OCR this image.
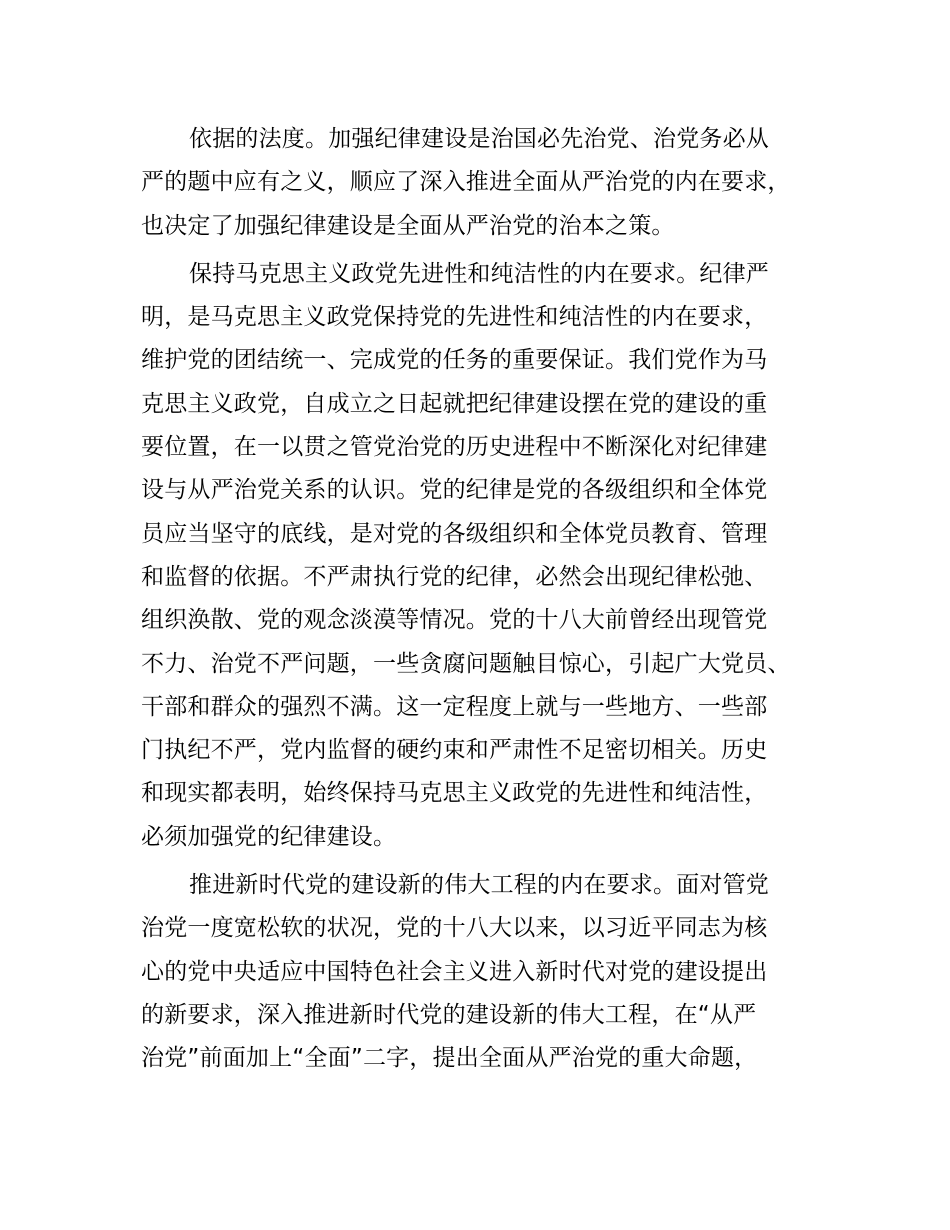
依据的法度。加强纪律建设是治国必先治党、治党务必从
严的题中应有之义，顺应了深入推进全面从严治党的内在要求，
也决定了加强纪律建设是全面从严治党的治本之策。

保持马克思主义政党先进性和纯洁性的内在要求。纪律严
明，是马克思主义政党保持党的先进性和纯洁性的内在要求，
维护党的团结统一、完成党的任务的重要保证。我们党作为马
克思主义政党，自成立之日起就把纪律建设摆在党的建设的重
要位置，在一以贯之管党治党的历史进程中不断深化对纪律建
设与从严治党关系的认识。党的纪律是党的各级组织和全体党
员应当坚守的底线，是对党的各级组织和全体党员教育、管理
和监督的依据。不严肃执行党的纪律，必然会出现纪律松弛、
组织涣散、党的观念淡漠等情况。党的十八大前曾经出现管党
不力、治党不严问题，一些贪腐问题触目惊心，引起广大党员、
干部和群众的强烈不满。这一定程度上就与一些地方、一些部
门执纪不严，党内监督的硬约束和严肃性不足密切相关。历史
和现实都表明，始终保持马克思主义政党的先进性和纯洁性，
必须加强党的纪律建设。

推进新时代党的建设新的伟大工程的内在要求。面对管党
治党一度宽松软的状况，党的十八大以来，以习近平同志为核
心的党中央适应中国特色社会主义进入新时代对党的建设提出
的新要求，深入推进新时代党的建设新的伟大工程，在“从严
治党”前面加上“全面”二字，提出全面从严治党的重大命题，
